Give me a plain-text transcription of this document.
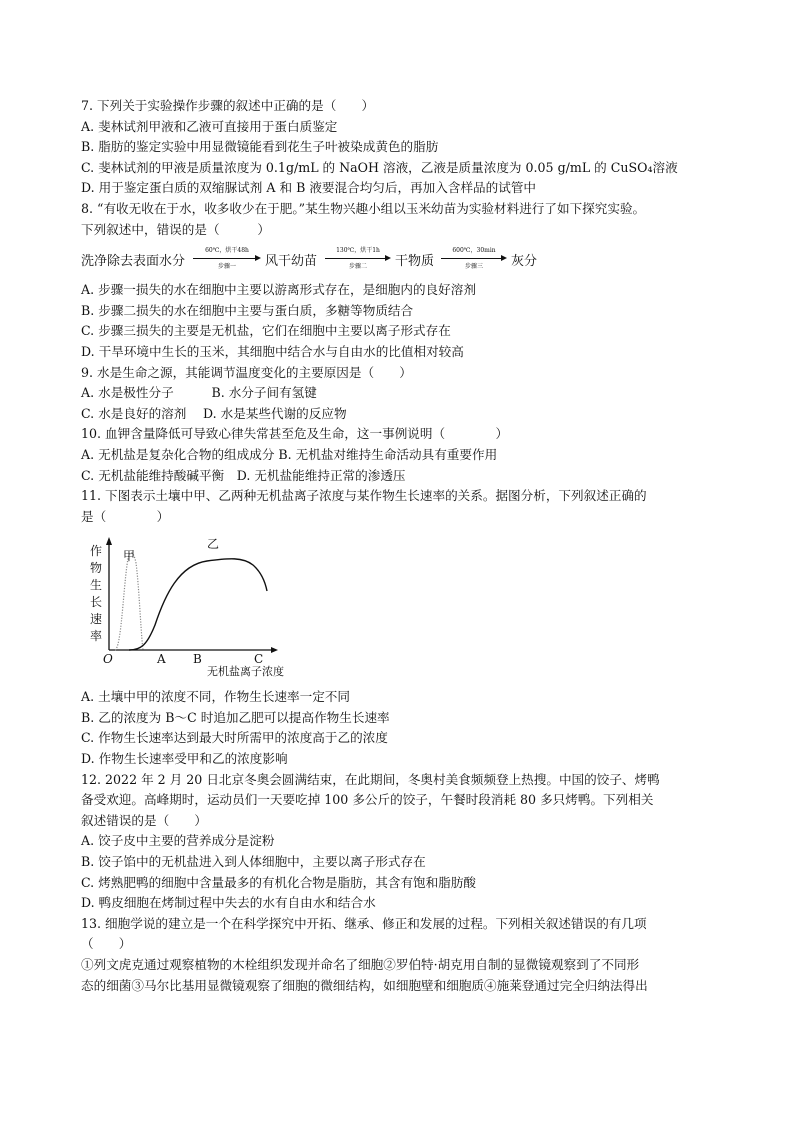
7. 下列关于实验操作步骤的叙述中正确的是（　　）
A. 斐林试剂甲液和乙液可直接用于蛋白质鉴定
B. 脂肪的鉴定实验中用显微镜能看到花生子叶被染成黄色的脂肪
C. 斐林试剂的甲液是质量浓度为 0.1g/mL 的 NaOH 溶液，乙液是质量浓度为 0.05 g/mL 的 CuSO₄溶液
D. 用于鉴定蛋白质的双缩脲试剂 A 和 B 液要混合均匀后，再加入含样品的试管中
8. “有收无收在于水，收多收少在于肥。”某生物兴趣小组以玉米幼苗为实验材料进行了如下探究实验。
下列叙述中，错误的是（　　　）
洗净除去表面水分
60℃，烘干48h
步骤一	风干幼苗
130℃，烘干1h
步骤二	干物质
600℃，30min
步骤三	灰分
A. 步骤一损失的水在细胞中主要以游离形式存在，是细胞内的良好溶剂
B. 步骤二损失的水在细胞中主要与蛋白质，多糖等物质结合
C. 步骤三损失的主要是无机盐，它们在细胞中主要以离子形式存在
D. 干旱环境中生长的玉米，其细胞中结合水与自由水的比值相对较高
9. 水是生命之源，其能调节温度变化的主要原因是（　　）
A. 水是极性分子　　　B. 水分子间有氢键
C. 水是良好的溶剂　 D. 水是某些代谢的反应物
10. 血钾含量降低可导致心律失常甚至危及生命，这一事例说明（　　　　）
A. 无机盐是复杂化合物的组成成分 B. 无机盐对维持生命活动具有重要作用
C. 无机盐能维持酸碱平衡　D. 无机盐能维持正常的渗透压
11. 下图表示土壤中甲、乙两种无机盐离子浓度与某作物生长速率的关系。据图分析，下列叙述正确的
是（　　　　）
作物生长速率
甲
乙
O	A B	C
无机盐离子浓度
A. 土壤中甲的浓度不同，作物生长速率一定不同
B. 乙的浓度为 B～C 时追加乙肥可以提高作物生长速率
C. 作物生长速率达到最大时所需甲的浓度高于乙的浓度
D. 作物生长速率受甲和乙的浓度影响
12. 2022 年 2 月 20 日北京冬奥会圆满结束，在此期间，冬奥村美食频频登上热搜。中国的饺子、烤鸭
备受欢迎。高峰期时，运动员们一天要吃掉 100 多公斤的饺子，午餐时段消耗 80 多只烤鸭。下列相关
叙述错误的是（　　）
A. 饺子皮中主要的营养成分是淀粉
B. 饺子馅中的无机盐进入到人体细胞中，主要以离子形式存在
C. 烤熟肥鸭的细胞中含量最多的有机化合物是脂肪，其含有饱和脂肪酸
D. 鸭皮细胞在烤制过程中失去的水有自由水和结合水
13. 细胞学说的建立是一个在科学探究中开拓、继承、修正和发展的过程。下列相关叙述错误的有几项
（　　）
①列文虎克通过观察植物的木栓组织发现并命名了细胞②罗伯特·胡克用自制的显微镜观察到了不同形
态的细菌③马尔比基用显微镜观察了细胞的微细结构，如细胞壁和细胞质④施莱登通过完全归纳法得出
